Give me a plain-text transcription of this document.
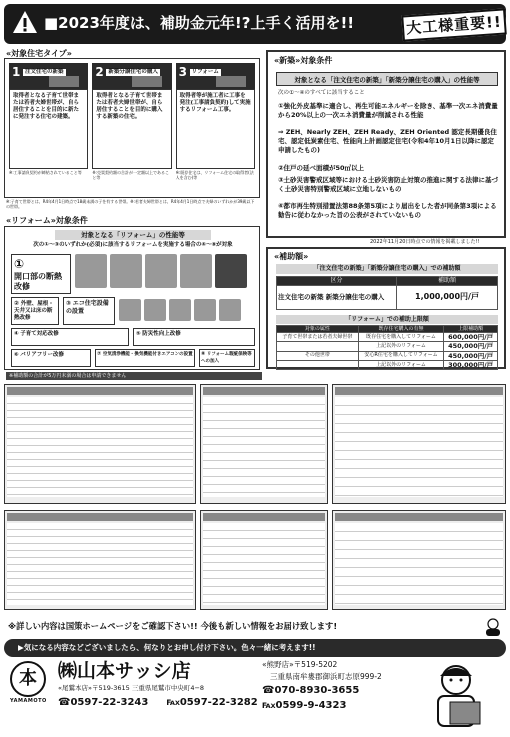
■2023年度は、補助金元年!?上手く活用を!!	大工様重要!!
«対象住宅タイプ»
1 注文住宅の新築
取得者となる子育て世帯または若者夫婦世帯が、自ら居住することを目的に新たに発注する住宅の建築。
※:工事請負契約が締結されていること等
2 新築分譲住宅の購入
取得者となる子育て世帯または若者夫婦世帯が、自ら居住することを目的に購入する新築の住宅。
※:売買契約額の合計が一定額以上であること等
3 リフォーム
取得者等が施工者に工事を発注(工事請負契約)して実施するリフォーム工事。
※:既存住宅は、リフォーム住宅の取得者(法人を含む)等
※:子育て世帯とは、R4年4月1日時点で18歳未満の子を有する世帯。※:若者夫婦世帯とは、R4年4月1日時点で夫婦のいずれかが39歳以下の世帯。
«新築»対象条件
対象となる「注文住宅の新築」「新築分譲住宅の購入」の性能等
次の①〜④のすべてに該当すること
①強化外皮基準に適合し、再生可能エネルギーを除き、基準一次エネ消費量から20%以上の一次エネ消費量が削減される性能
⇒ ZEH、Nearly ZEH、ZEH Ready、ZEH Oriented 認定長期優良住宅、認定低炭素住宅、性能向上計画認定住宅(令和4年10月1日以降に認定申請したもの)
②住戸の延べ面積が50㎡以上
③土砂災害警戒区域等における土砂災害防止対策の推進に関する法律に基づく土砂災害特別警戒区域に立地しないもの
④都市再生特別措置法第88条第5項により届出をした者が同条第3項による勧告に従わなかった旨の公表がされていないもの
2022年11月20日時点での情報を掲載しました!!
«補助額»
「注文住宅の新築」「新築分譲住宅の購入」での補助額
区分	補助額
注文住宅の新築 新築分譲住宅の購入	1,000,000円/戸
「リフォーム」での補助上限額
対象の属性	既存住宅購入の有無	上限補助額
子育て世帯または若者夫婦世帯	既存住宅を購入してリフォーム	600,000円/戸
	上記以外のリフォーム	450,000円/戸
その他世帯	安心R住宅を購入してリフォーム	450,000円/戸
	上記以外のリフォーム	300,000円/戸
«リフォーム»対象条件
対象となる「リフォーム」の性能等
次の①〜③のいずれか(必須)に該当するリフォームを実施する場合の④〜⑧が対象
①
開口部の断熱改修
② 外壁、屋根・天井又は床の断熱改修
③ エコ住宅設備の設置
④ 子育て対応改修	⑤ 防災性向上改修
⑥ バリアフリー改修	⑦ 空気清浄機能・換気機能付きエアコンの設置	⑧ リフォーム瑕疵保険等への加入
※補助額の合計が5万円未満の場合は申請できません
※詳しい内容は国策ホームページをご確認下さい!! 今後も新しい情報をお届け致します!
▶気になる内容などございましたら、何なりとお申し付け下さい。色々一緒に考えます!!
本
YAMAMOTO
㈱山本サッシ店
«尾鷲本店»〒519-3615 三重県尾鷲市中央町4−8
☎0597-22-3243 ℻0597-22-3282
«熊野店»〒519-5202
三重県南牟婁郡御浜町志原999-2
☎070-8930-3655
℻0599-9-4323
